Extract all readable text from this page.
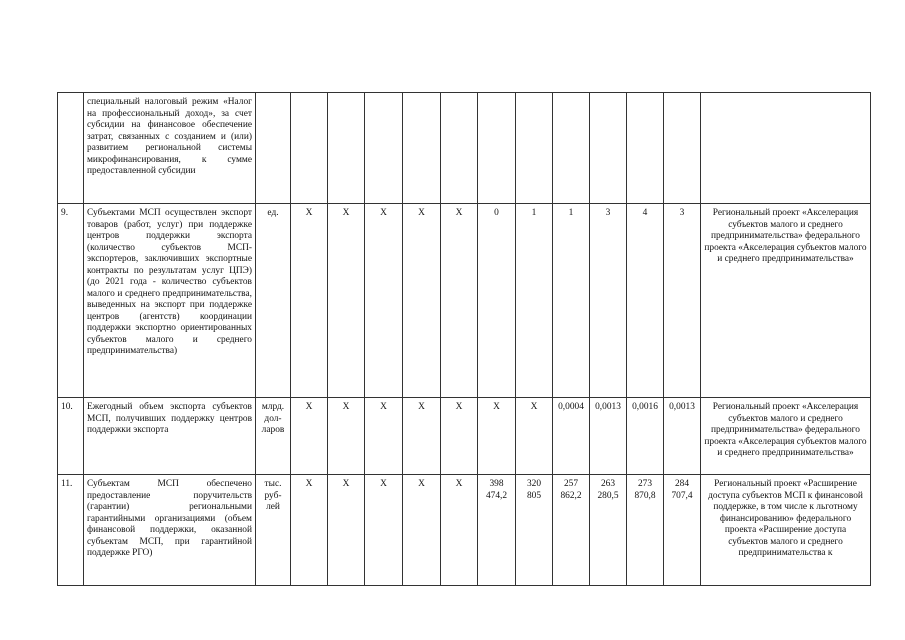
	специальный налоговый режим «Налог на профессиональный доход», за счет субсидии на финансовое обеспечение затрат, связанных с созданием и (или) развитием региональной системы микрофинансирования, к сумме предоставленной субсидии													
9.	Субъектами МСП осуществлен экспорт товаров (работ, услуг) при поддержке центров поддержки экспорта (количество субъектов МСП-экспортеров, заключивших экспортные контракты по результатам услуг ЦПЭ) (до 2021 года - количество субъектов малого и среднего предпринимательства, выведенных на экспорт при поддержке центров (агентств) координации поддержки экспортно ориентированных субъектов малого и среднего предпринимательства)	ед.	Х	Х	Х	Х	Х	0	1	1	3	4	3	Региональный проект «Акселерация субъектов малого и среднего предпринимательства» федерального проекта «Акселерация субъектов малого и среднего предпринимательства»
10.	Ежегодный объем экспорта субъектов МСП, получивших поддержку центров поддержки экспорта	млрд. дол-ларов	Х	Х	Х	Х	Х	Х	Х	0,0004	0,0013	0,0016	0,0013	Региональный проект «Акселерация субъектов малого и среднего предпринимательства» федерального проекта «Акселерация субъектов малого и среднего предпринимательства»
11.	Субъектам МСП обеспечено предоставление поручительств (гарантии) региональными гарантийными организациями (объем финансовой поддержки, оказанной субъектам МСП, при гарантийной поддержке РГО)	тыс. руб-лей	Х	Х	Х	Х	Х	398 474,2	320 805	257 862,2	263 280,5	273 870,8	284 707,4	Региональный проект «Расширение доступа субъектов МСП к финансовой поддержке, в том числе к льготному финансированию» федерального проекта «Расширение доступа субъектов малого и среднего предпринимательства к
